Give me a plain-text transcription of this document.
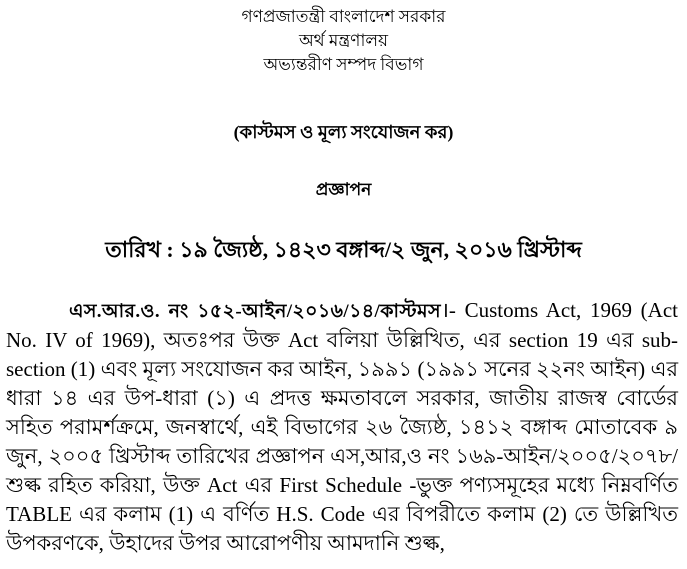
গণপ্রজাতন্ত্রী বাংলাদেশ সরকার
অর্থ মন্ত্রণালয়
অভ্যন্তরীণ সম্পদ বিভাগ
(কাস্টমস ও মূল্য সংযোজন কর)
প্রজ্ঞাপন
তারিখ : ১৯ জ্যৈষ্ঠ, ১৪২৩ বঙ্গাব্দ/২ জুন, ২০১৬ খ্রিস্টাব্দ
এস.আর.ও. নং ১৫২-আইন/২০১৬/১৪/কাস্টমস।- Customs Act, 1969 (Act No. IV of 1969), অতঃপর উক্ত Act বলিয়া উল্লিখিত, এর section 19 এর sub-section (1) এবং মূল্য সংযোজন কর আইন, ১৯৯১ (১৯৯১ সনের ২২নং আইন) এর ধারা ১৪ এর উপ-ধারা (১) এ প্রদত্ত ক্ষমতাবলে সরকার, জাতীয় রাজস্ব বোর্ডের সহিত পরামর্শক্রমে, জনস্বার্থে, এই বিভাগের ২৬ জ্যৈষ্ঠ, ১৪১২ বঙ্গাব্দ মোতাবেক ৯ জুন, ২০০৫ খ্রিস্টাব্দ তারিখের প্রজ্ঞাপন এস,আর,ও নং ১৬৯-আইন/২০০৫/২০৭৮/শুল্ক রহিত করিয়া, উক্ত Act এর First Schedule -ভুক্ত পণ্যসমূহের মধ্যে নিম্নবর্ণিত TABLE এর কলাম (1) এ বর্ণিত H.S. Code এর বিপরীতে কলাম (2) তে উল্লিখিত উপকরণকে, উহাদের উপর আরোপণীয় আমদানি শুল্ক,
